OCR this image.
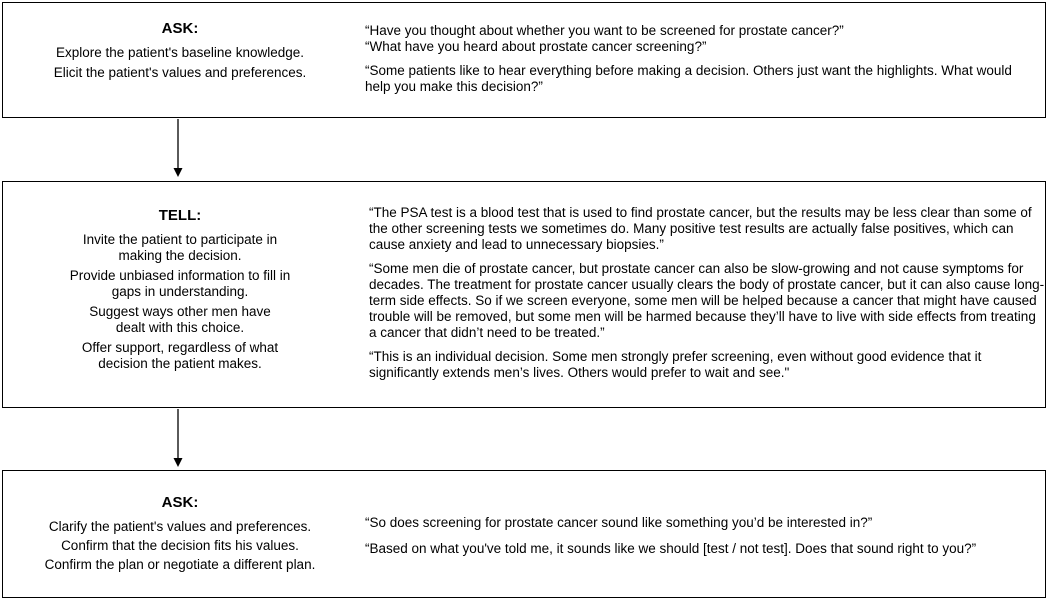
ASK:
Explore the patient's baseline knowledge.
Elicit the patient's values and preferences.
“Have you thought about whether you want to be screened for prostate cancer?”
“What have you heard about prostate cancer screening?”
“Some patients like to hear everything before making a decision. Others just want the highlights. What would help you make this decision?”
TELL:
Invite the patient to participate in making the decision.
Provide unbiased information to fill in gaps in understanding.
Suggest ways other men have dealt with this choice.
Offer support, regardless of what decision the patient makes.
“The PSA test is a blood test that is used to find prostate cancer, but the results may be less clear than some of the other screening tests we sometimes do. Many positive test results are actually false positives, which can cause anxiety and lead to unnecessary biopsies.”
“Some men die of prostate cancer, but prostate cancer can also be slow-growing and not cause symptoms for decades. The treatment for prostate cancer usually clears the body of prostate cancer, but it can also cause long-term side effects. So if we screen everyone, some men will be helped because a cancer that might have caused trouble will be removed, but some men will be harmed because they’ll have to live with side effects from treating a cancer that didn’t need to be treated.”
“This is an individual decision. Some men strongly prefer screening, even without good evidence that it significantly extends men’s lives. Others would prefer to wait and see."
ASK:
Clarify the patient's values and preferences.
Confirm that the decision fits his values.
Confirm the plan or negotiate a different plan.
“So does screening for prostate cancer sound like something you’d be interested in?”
“Based on what you've told me, it sounds like we should [test / not test]. Does that sound right to you?”
